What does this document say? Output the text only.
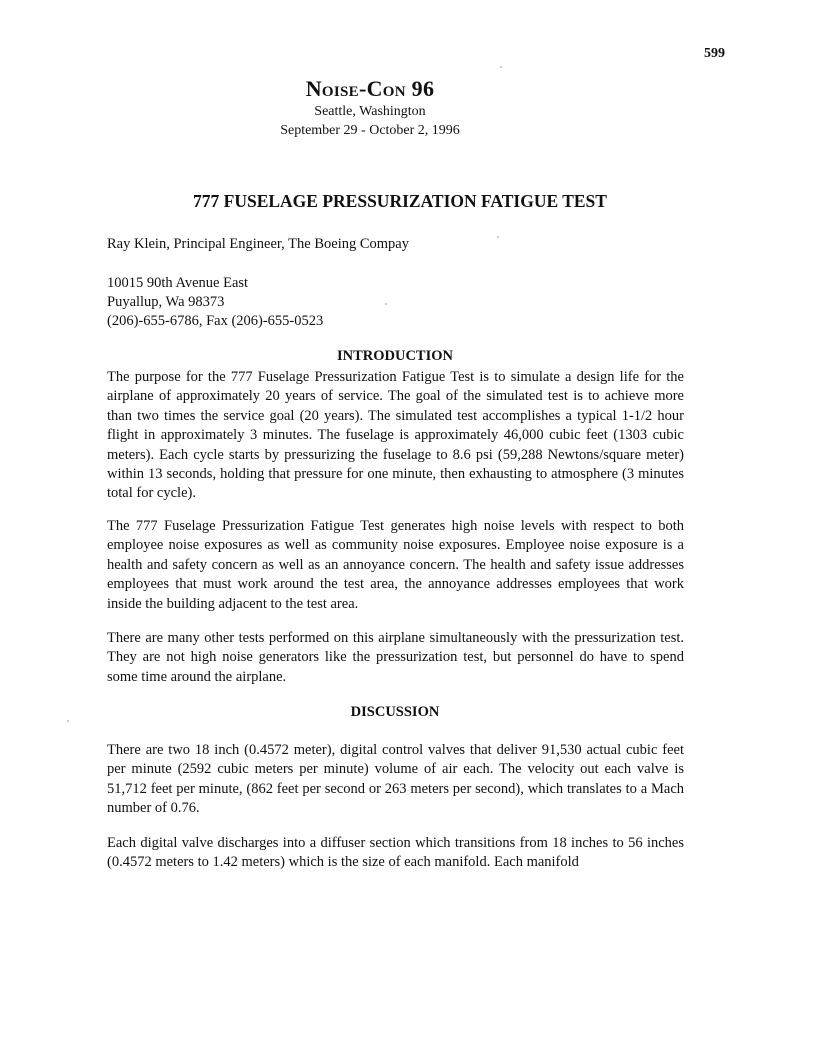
599
Noise-Con 96
Seattle, Washington
September 29 - October 2, 1996
777 FUSELAGE PRESSURIZATION FATIGUE TEST
Ray Klein, Principal Engineer, The Boeing Compay
10015 90th Avenue East
Puyallup, Wa 98373
(206)-655-6786, Fax (206)-655-0523
INTRODUCTION

The purpose for the 777 Fuselage Pressurization Fatigue Test is to simulate a design life for the airplane of approximately 20 years of service. The goal of the simulated test is to achieve more than two times the service goal (20 years). The simulated test accomplishes a typical 1-1/2 hour flight in approximately 3 minutes. The fuselage is approximately 46,000 cubic feet (1303 cubic meters). Each cycle starts by pressurizing the fuselage to 8.6 psi (59,288 Newtons/square meter) within 13 seconds, holding that pressure for one minute, then exhausting to atmosphere (3 minutes total for cycle).

The 777 Fuselage Pressurization Fatigue Test generates high noise levels with respect to both employee noise exposures as well as community noise exposures. Employee noise exposure is a health and safety concern as well as an annoyance concern. The health and safety issue addresses employees that must work around the test area, the annoyance addresses employees that work inside the building adjacent to the test area.

There are many other tests performed on this airplane simultaneously with the pressurization test. They are not high noise generators like the pressurization test, but personnel do have to spend some time around the airplane.

DISCUSSION

There are two 18 inch (0.4572 meter), digital control valves that deliver 91,530 actual cubic feet per minute (2592 cubic meters per minute) volume of air each. The velocity out each valve is 51,712 feet per minute, (862 feet per second or 263 meters per second), which translates to a Mach number of 0.76.

Each digital valve discharges into a diffuser section which transitions from 18 inches to 56 inches (0.4572 meters to 1.42 meters) which is the size of each manifold. Each manifold
